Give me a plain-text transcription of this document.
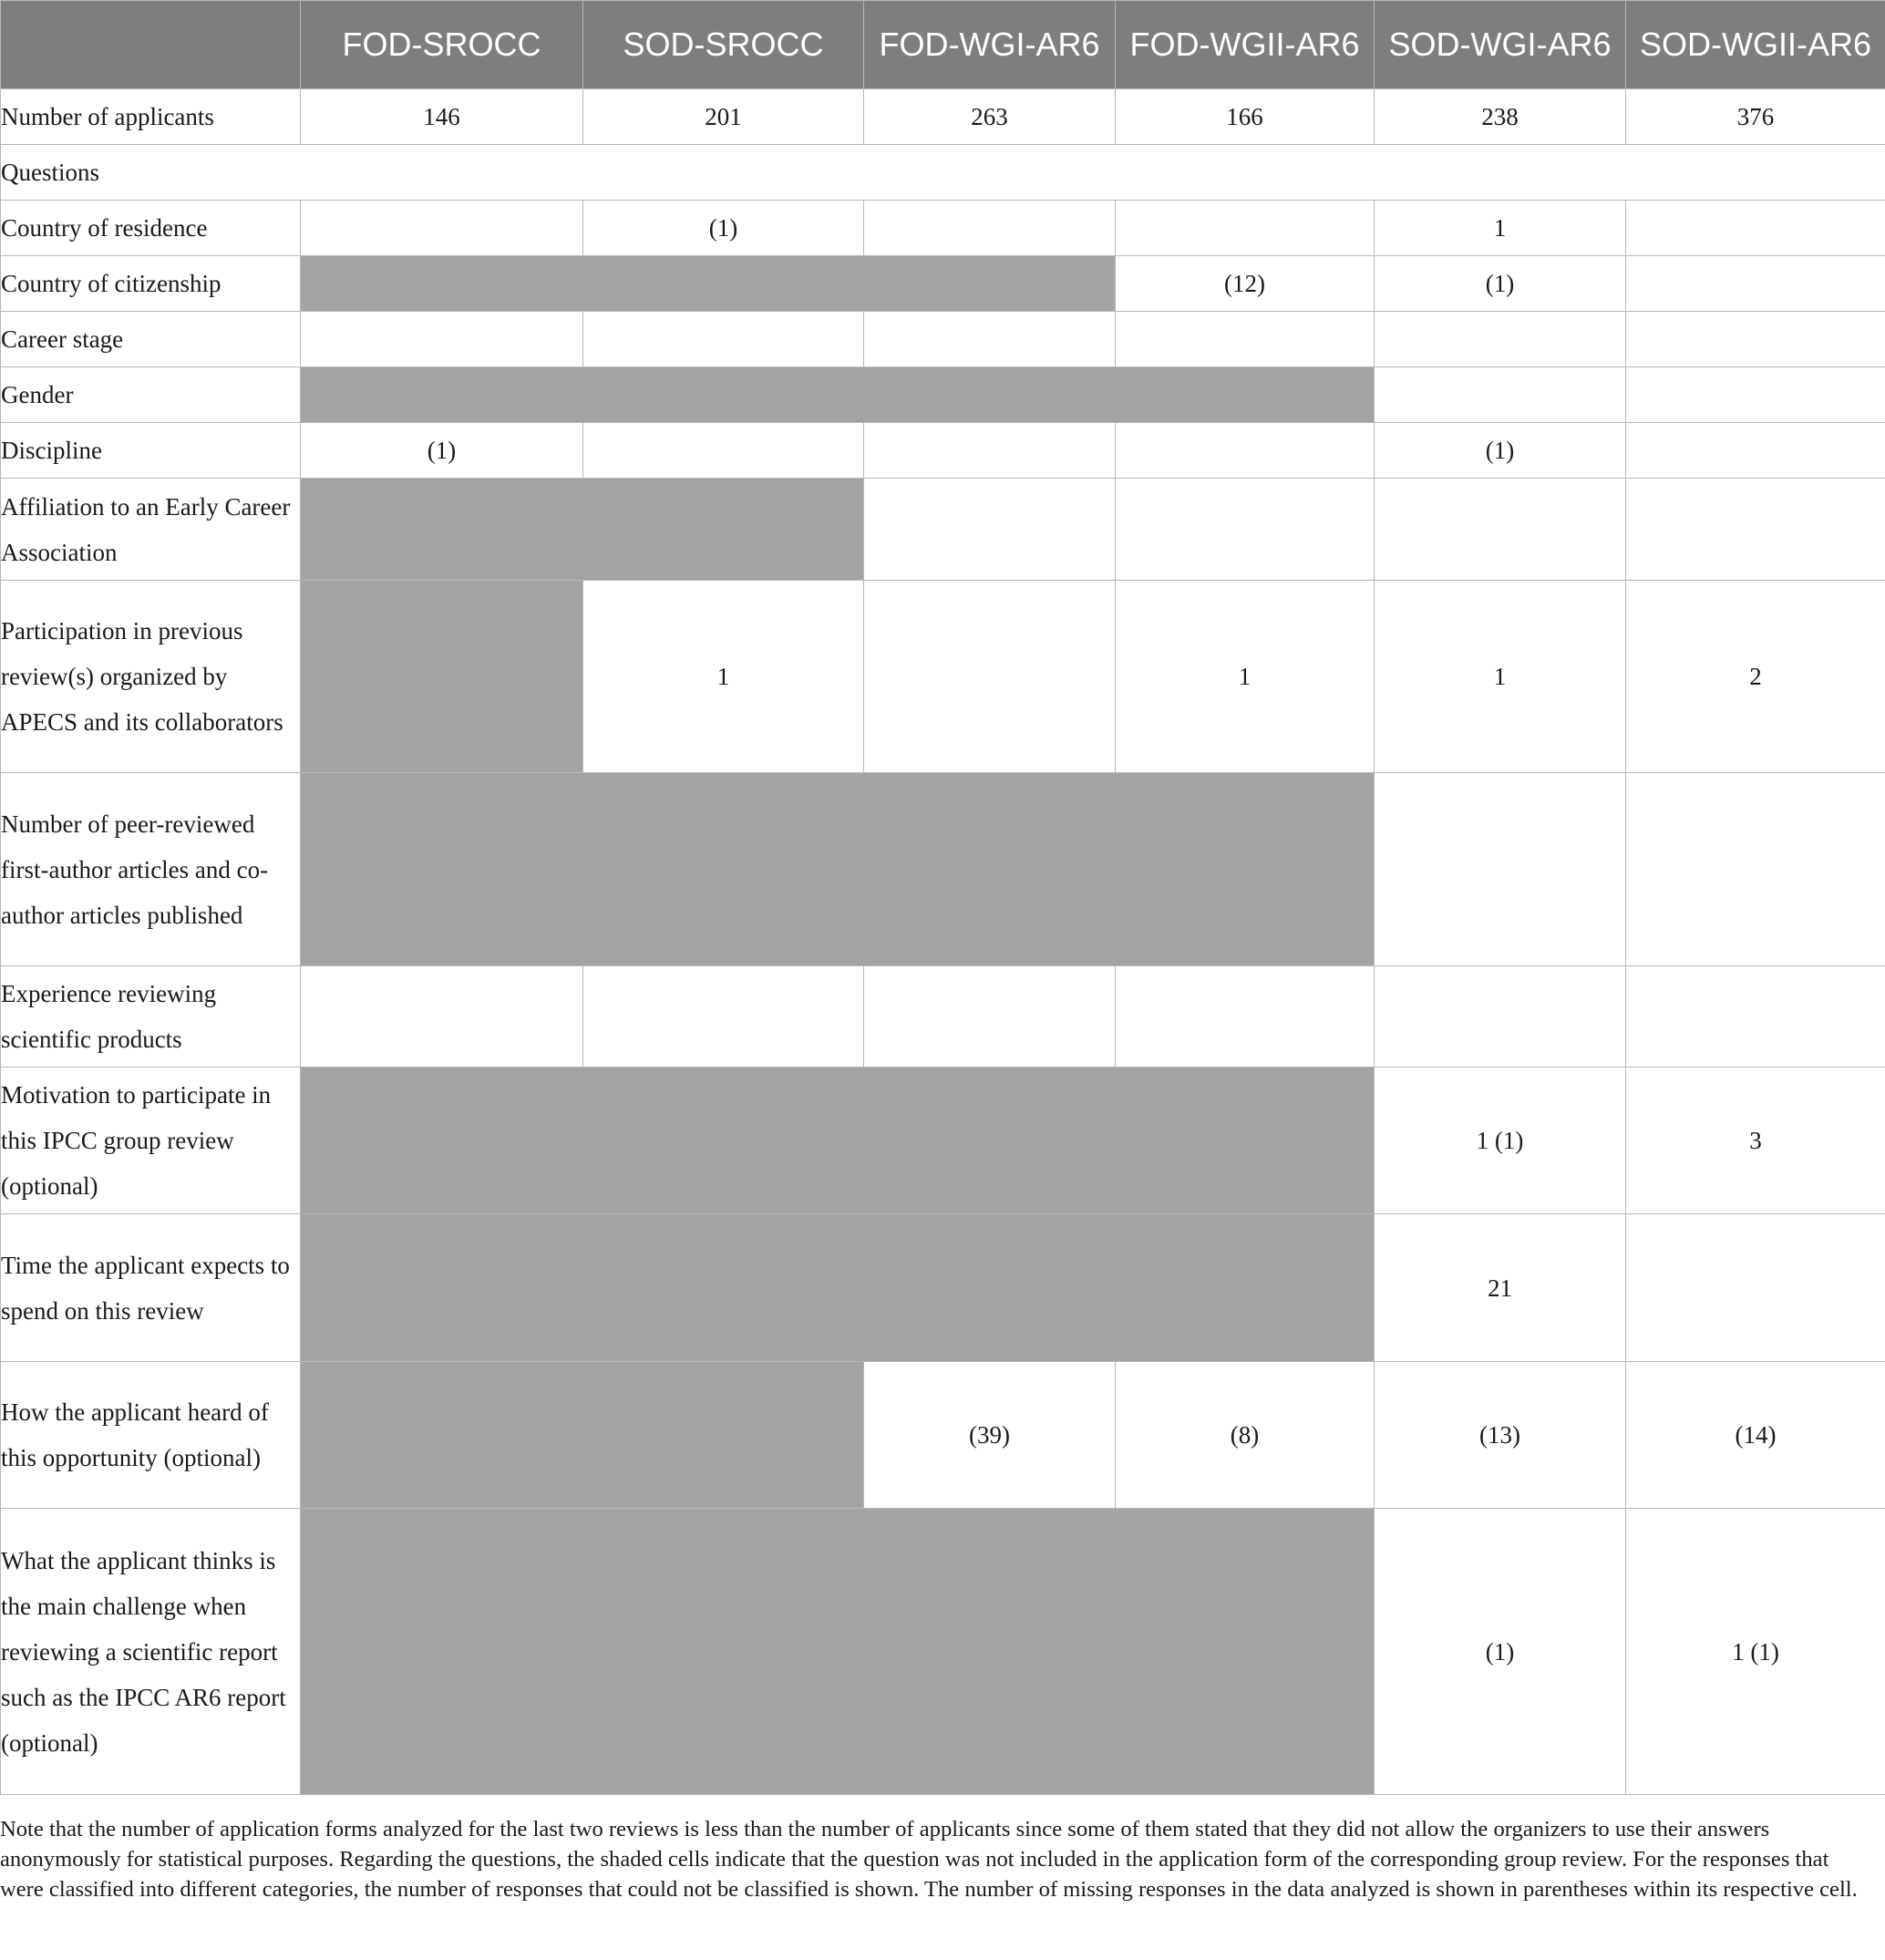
	FOD-SROCC	SOD-SROCC	FOD-WGI-AR6	FOD-WGII-AR6	SOD-WGI-AR6	SOD-WGII-AR6
Number of applicants	146	201	263	166	238	376
Questions						
Country of residence		(1)			1	
Country of citizenship				(12)	(1)	
Career stage						
Gender						
Discipline	(1)				(1)	
Affiliation to an Early Career Association						
Participation in previous review(s) organized by APECS and its collaborators		1		1	1	2
Number of peer-reviewed first-author articles and co-author articles published						
Experience reviewing scientific products						
Motivation to participate in this IPCC group review (optional)					1 (1)	3
Time the applicant expects to spend on this review					21	
How the applicant heard of this opportunity (optional)			(39)	(8)	(13)	(14)
What the applicant thinks is the main challenge when reviewing a scientific report such as the IPCC AR6 report (optional)					(1)	1 (1)
Note that the number of application forms analyzed for the last two reviews is less than the number of applicants since some of them stated that they did not allow the organizers to use their answers anonymously for statistical purposes. Regarding the questions, the shaded cells indicate that the question was not included in the application form of the corresponding group review. For the responses that were classified into different categories, the number of responses that could not be classified is shown. The number of missing responses in the data analyzed is shown in parentheses within its respective cell.
